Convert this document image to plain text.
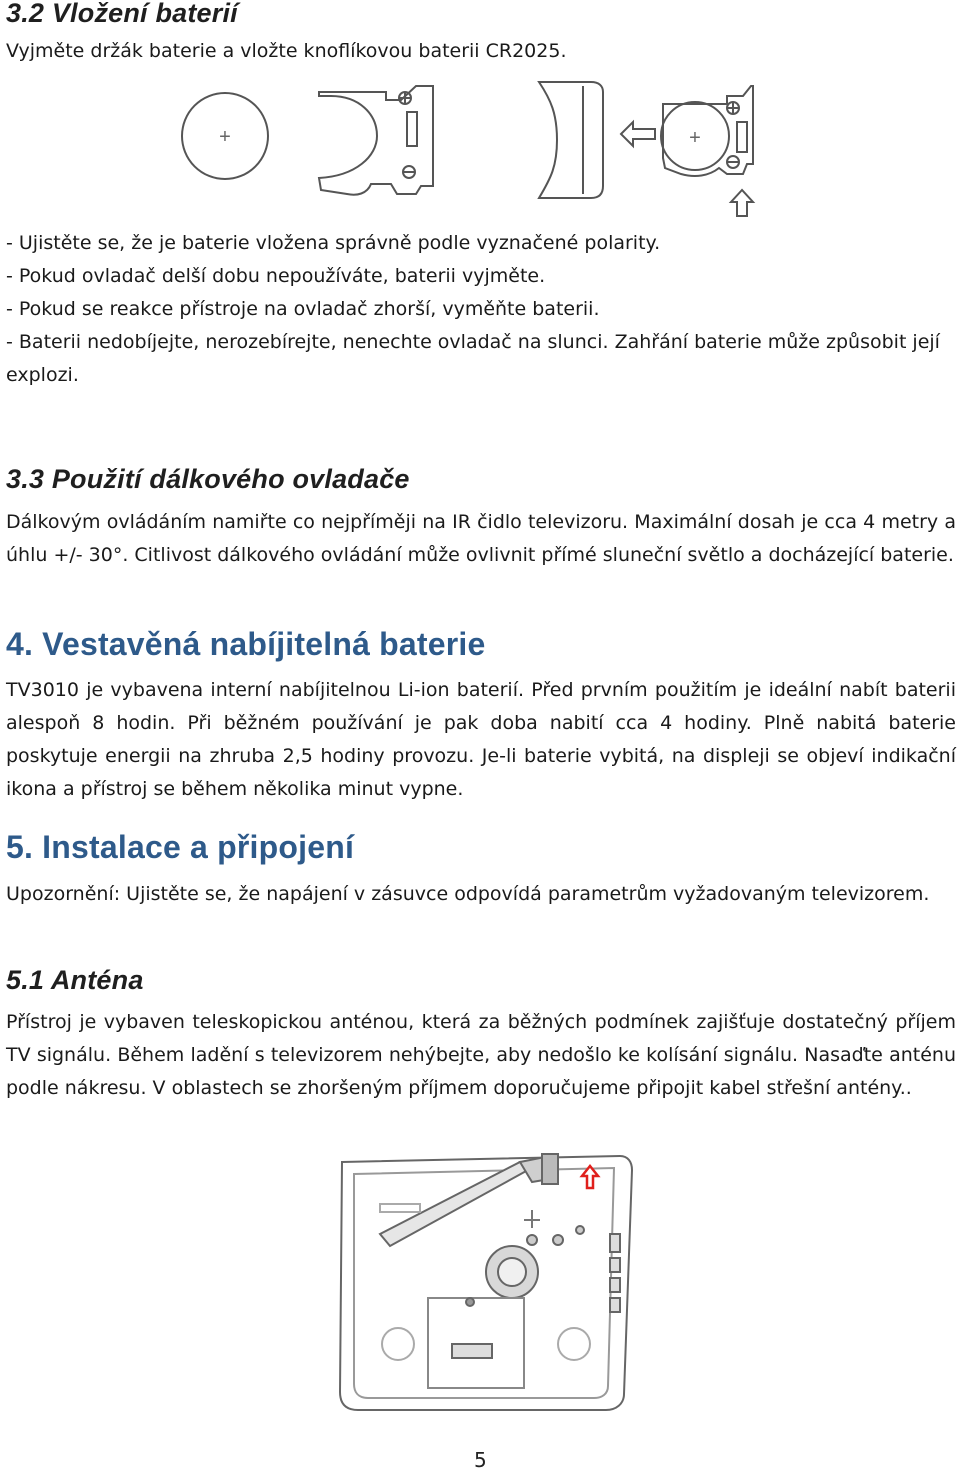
3.2 Vložení baterií

Vyjměte držák baterie a vložte knoflíkovou baterii CR2025.

+	+
- Ujistěte se, že je baterie vložena správně podle vyznačené polarity.
- Pokud ovladač delší dobu nepoužíváte, baterii vyjměte.
- Pokud se reakce přístroje na ovladač zhorší, vyměňte baterii.
- Baterii nedobíjejte, nerozebírejte, nenechte ovladač na slunci. Zahřání baterie může způsobit její explozi.
3.3 Použití dálkového ovladače

Dálkovým ovládáním namiřte co nejpříměji na IR čidlo televizoru. Maximální dosah je cca 4 metry a úhlu +/- 30°. Citlivost dálkového ovládání může ovlivnit přímé sluneční světlo a docházející baterie.

4. Vestavěná nabíjitelná baterie

TV3010 je vybavena interní nabíjitelnou Li-ion baterií. Před prvním použitím je ideální nabít baterii alespoň 8 hodin. Při běžném používání je pak doba nabití cca 4 hodiny. Plně nabitá baterie poskytuje energii na zhruba 2,5 hodiny provozu. Je-li baterie vybitá, na displeji se objeví indikační ikona a přístroj se během několika minut vypne.

5. Instalace a připojení

Upozornění: Ujistěte se, že napájení v zásuvce odpovídá parametrům vyžadovaným televizorem.

5.1 Anténa

Přístroj je vybaven teleskopickou anténou, která za běžných podmínek zajišťuje dostatečný příjem TV signálu. Během ladění s televizorem nehýbejte, aby nedošlo ke kolísání signálu. Nasaďte anténu podle nákresu. V oblastech se zhoršeným příjmem doporučujeme připojit kabel střešní antény..

5
